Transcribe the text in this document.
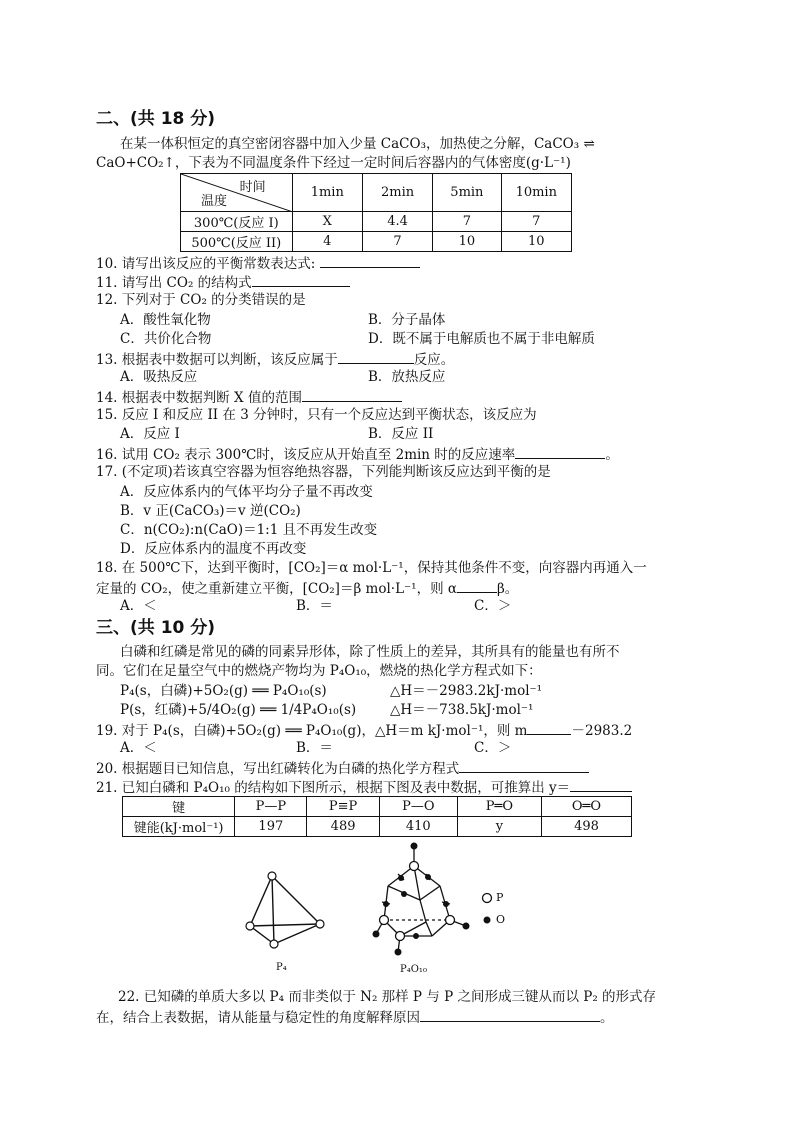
二、(共 18 分)
在某一体积恒定的真空密闭容器中加入少量 CaCO₃，加热使之分解，CaCO₃ ⇌
CaO+CO₂↑，下表为不同温度条件下经过一定时间后容器内的气体密度(g·L⁻¹)
时间
温度	1min	2min	5min	10min
300℃(反应 I)	X	4.4	7	7
500℃(反应 II)	4	7	10	10
10. 请写出该反应的平衡常数表达式:
11. 请写出 CO₂ 的结构式
12. 下列对于 CO₂ 的分类错误的是
A．酸性氧化物	B．分子晶体
C．共价化合物	D．既不属于电解质也不属于非电解质
13. 根据表中数据可以判断，该反应属于	反应。
A．吸热反应	B．放热反应
14. 根据表中数据判断 X 值的范围
15. 反应 I 和反应 II 在 3 分钟时，只有一个反应达到平衡状态，该反应为
A．反应 I	B．反应 II
16. 试用 CO₂ 表示 300℃时，该反应从开始直至 2min 时的反应速率	。
17. (不定项)若该真空容器为恒容绝热容器，下列能判断该反应达到平衡的是
A．反应体系内的气体平均分子量不再改变
B．v 正(CaCO₃)＝v 逆(CO₂)
C．n(CO₂):n(CaO)＝1:1 且不再发生改变
D．反应体系内的温度不再改变
18. 在 500℃下，达到平衡时，[CO₂]＝α mol·L⁻¹，保持其他条件不变，向容器内再通入一
定量的 CO₂，使之重新建立平衡，[CO₂]＝β mol·L⁻¹，则 α	β。
A．＜	B．＝	C．＞
三、(共 10 分)
白磷和红磷是常见的磷的同素异形体，除了性质上的差异，其所具有的能量也有所不
同。它们在足量空气中的燃烧产物均为 P₄O₁₀，燃烧的热化学方程式如下：
P₄(s，白磷)+5O₂(g) ══ P₄O₁₀(s)	△H＝－2983.2kJ·mol⁻¹
P(s，红磷)+5/4O₂(g) ══ 1/4P₄O₁₀(s)	△H＝－738.5kJ·mol⁻¹
19. 对于 P₄(s，白磷)+5O₂(g) ══ P₄O₁₀(g)，△H＝m kJ·mol⁻¹，则 m	－2983.2
A．＜	B．＝	C．＞
20. 根据题目已知信息，写出红磷转化为白磷的热化学方程式
21. 已知白磷和 P₄O₁₀ 的结构如下图所示，根据下图及表中数据，可推算出 y＝
键	P—P	P≡P	P—O	P═O	O═O
键能(kJ·mol⁻¹)	197	489	410	y	498
P₄	P₄O₁₀
P
O
22. 已知磷的单质大多以 P₄ 而非类似于 N₂ 那样 P 与 P 之间形成三键从而以 P₂ 的形式存
在，结合上表数据，请从能量与稳定性的角度解释原因	。
